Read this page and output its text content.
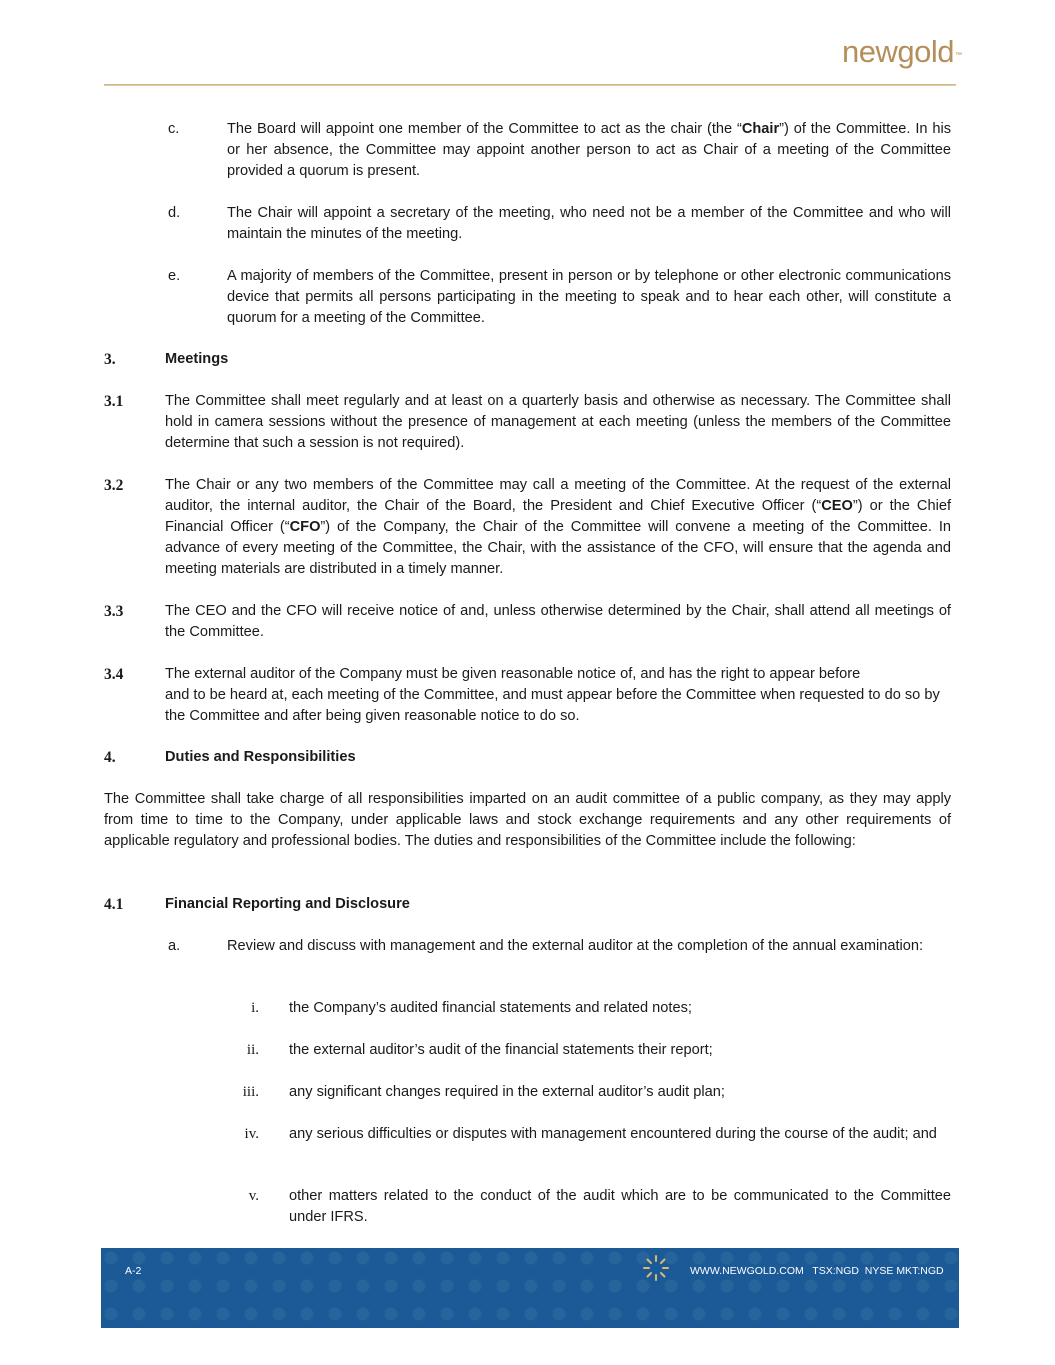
newgold™
c.	The Board will appoint one member of the Committee to act as the chair (the “Chair”) of the Committee. In his or her absence, the Committee may appoint another person to act as Chair of a meeting of the Committee provided a quorum is present.
d.	The Chair will appoint a secretary of the meeting, who need not be a member of the Committee and who will maintain the minutes of the meeting.
e.	A majority of members of the Committee, present in person or by telephone or other electronic communications device that permits all persons participating in the meeting to speak and to hear each other, will constitute a quorum for a meeting of the Committee.
3.	Meetings
3.1	The Committee shall meet regularly and at least on a quarterly basis and otherwise as necessary. The Committee shall hold in camera sessions without the presence of management at each meeting (unless the members of the Committee determine that such a session is not required).
3.2	The Chair or any two members of the Committee may call a meeting of the Committee. At the request of the external auditor, the internal auditor, the Chair of the Board, the President and Chief Executive Officer (“CEO”) or the Chief Financial Officer (“CFO”) of the Company, the Chair of the Committee will convene a meeting of the Committee. In advance of every meeting of the Committee, the Chair, with the assistance of the CFO, will ensure that the agenda and meeting materials are distributed in a timely manner.
3.3	The CEO and the CFO will receive notice of and, unless otherwise determined by the Chair, shall attend all meetings of the Committee.
3.4	The external auditor of the Company must be given reasonable notice of, and has the right to appear before
and to be heard at, each meeting of the Committee, and must appear before the Committee when requested to do so by the Committee and after being given reasonable notice to do so.
4.	Duties and Responsibilities
The Committee shall take charge of all responsibilities imparted on an audit committee of a public company, as they may apply from time to time to the Company, under applicable laws and stock exchange requirements and any other requirements of applicable regulatory and professional bodies. The duties and responsibilities of the Committee include the following:
4.1	Financial Reporting and Disclosure
a.	Review and discuss with management and the external auditor at the completion of the annual examination:
i. the Company’s audited financial statements and related notes;
ii. the external auditor’s audit of the financial statements their report;
iii. any significant changes required in the external auditor’s audit plan;
iv. any serious difficulties or disputes with management encountered during the course of the audit; and
v. other matters related to the conduct of the audit which are to be communicated to the Committee under IFRS.
A-2	WWW.NEWGOLD.COM   TSX:NGD  NYSE MKT:NGD
